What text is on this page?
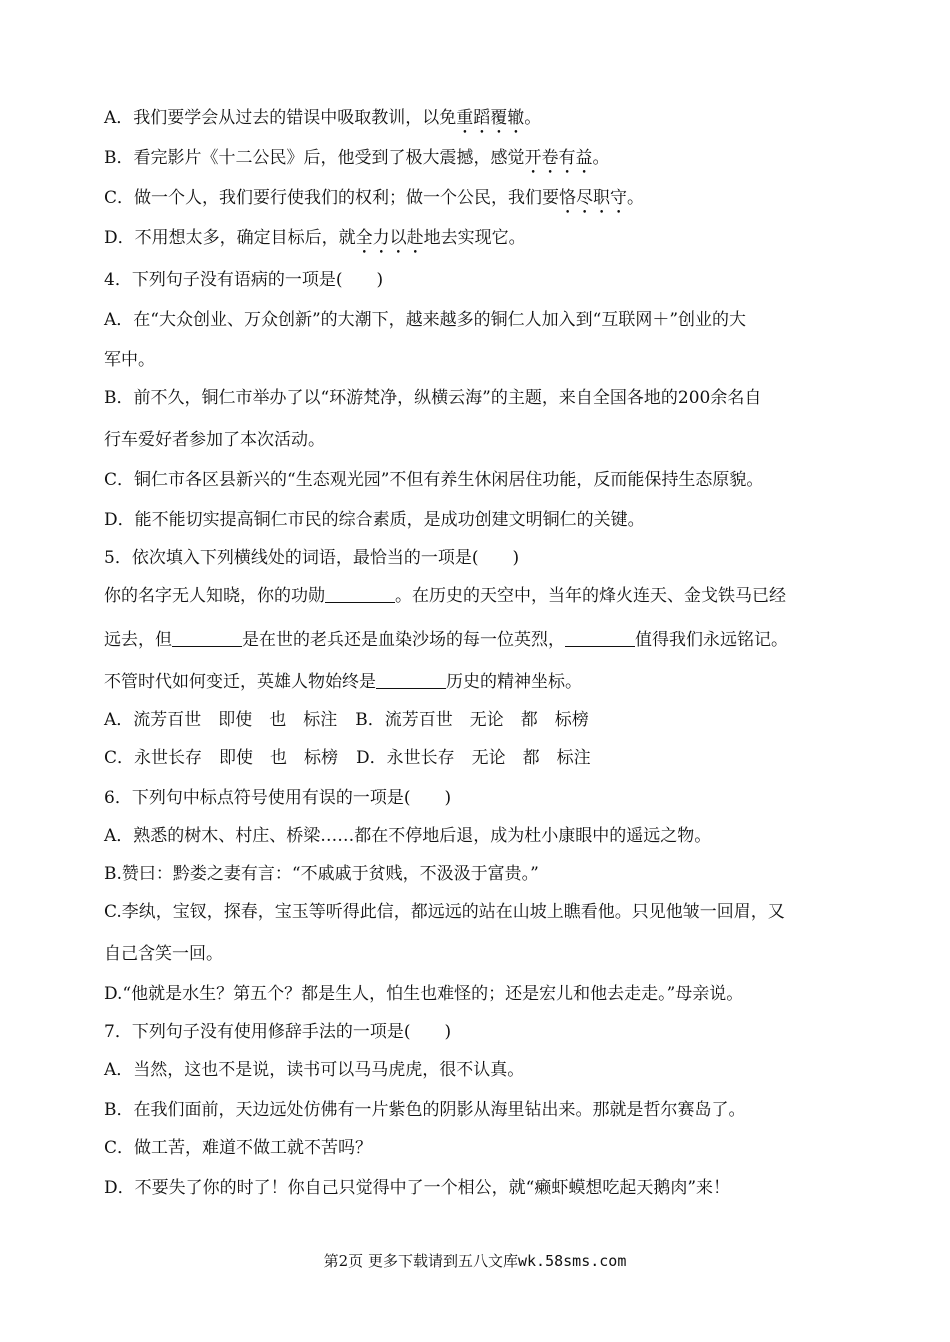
A．我们要学会从过去的错误中吸取教训，以免重蹈覆辙。
B．看完影片《十二公民》后，他受到了极大震撼，感觉开卷有益。
C．做一个人，我们要行使我们的权利；做一个公民，我们要恪尽职守。
D．不用想太多，确定目标后，就全力以赴地去实现它。
4．下列句子没有语病的一项是(　　)
A．在“大众创业、万众创新”的大潮下，越来越多的铜仁人加入到“互联网＋”创业的大
军中。
B．前不久，铜仁市举办了以“环游梵净，纵横云海”的主题，来自全国各地的200余名自
行车爱好者参加了本次活动。
C．铜仁市各区县新兴的“生态观光园”不但有养生休闲居住功能，反而能保持生态原貌。
D．能不能切实提高铜仁市民的综合素质，是成功创建文明铜仁的关键。
5．依次填入下列横线处的词语，最恰当的一项是(　　)
你的名字无人知晓，你的功勋	。在历史的天空中，当年的烽火连天、金戈铁马已经
远去，但	是在世的老兵还是血染沙场的每一位英烈，	值得我们永远铭记。
不管时代如何变迁，英雄人物始终是	历史的精神坐标。
A．流芳百世　即使　也　标注 B．流芳百世　无论　都　标榜
C．永世长存　即使　也　标榜 D．永世长存　无论　都　标注
6．下列句中标点符号使用有误的一项是(　　)
A．熟悉的树木、村庄、桥梁……都在不停地后退，成为杜小康眼中的遥远之物。
B.赞曰：黔娄之妻有言：“不戚戚于贫贱，不汲汲于富贵。”
C.李纨，宝钗，探春，宝玉等听得此信，都远远的站在山坡上瞧看他。只见他皱一回眉，又
自己含笑一回。
D.“他就是水生？第五个？都是生人，怕生也难怪的；还是宏儿和他去走走。”母亲说。
7．下列句子没有使用修辞手法的一项是(　　)
A．当然，这也不是说，读书可以马马虎虎，很不认真。
B．在我们面前，天边远处仿佛有一片紫色的阴影从海里钻出来。那就是哲尔赛岛了。
C．做工苦，难道不做工就不苦吗？
D．不要失了你的时了！你自己只觉得中了一个相公，就“癞虾蟆想吃起天鹅肉”来！
第2页 更多下载请到五八文库wk.58sms.com
